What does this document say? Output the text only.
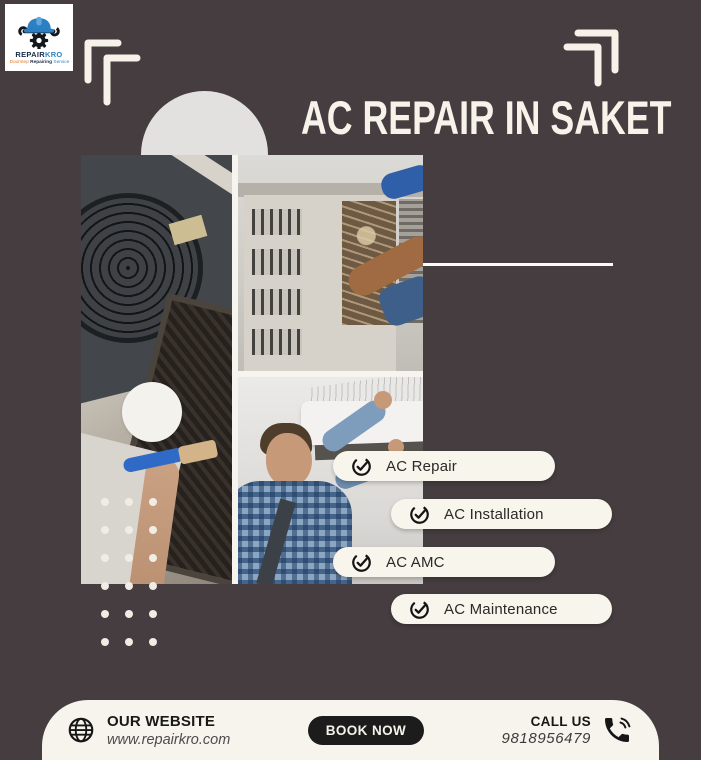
REPAIRKRO
Doorstep Repairing Service
AC REPAIR IN SAKET
AC Repair
AC Installation
AC AMC
AC Maintenance
OUR WEBSITE
www.repairkro.com
BOOK NOW
CALL US
9818956479
